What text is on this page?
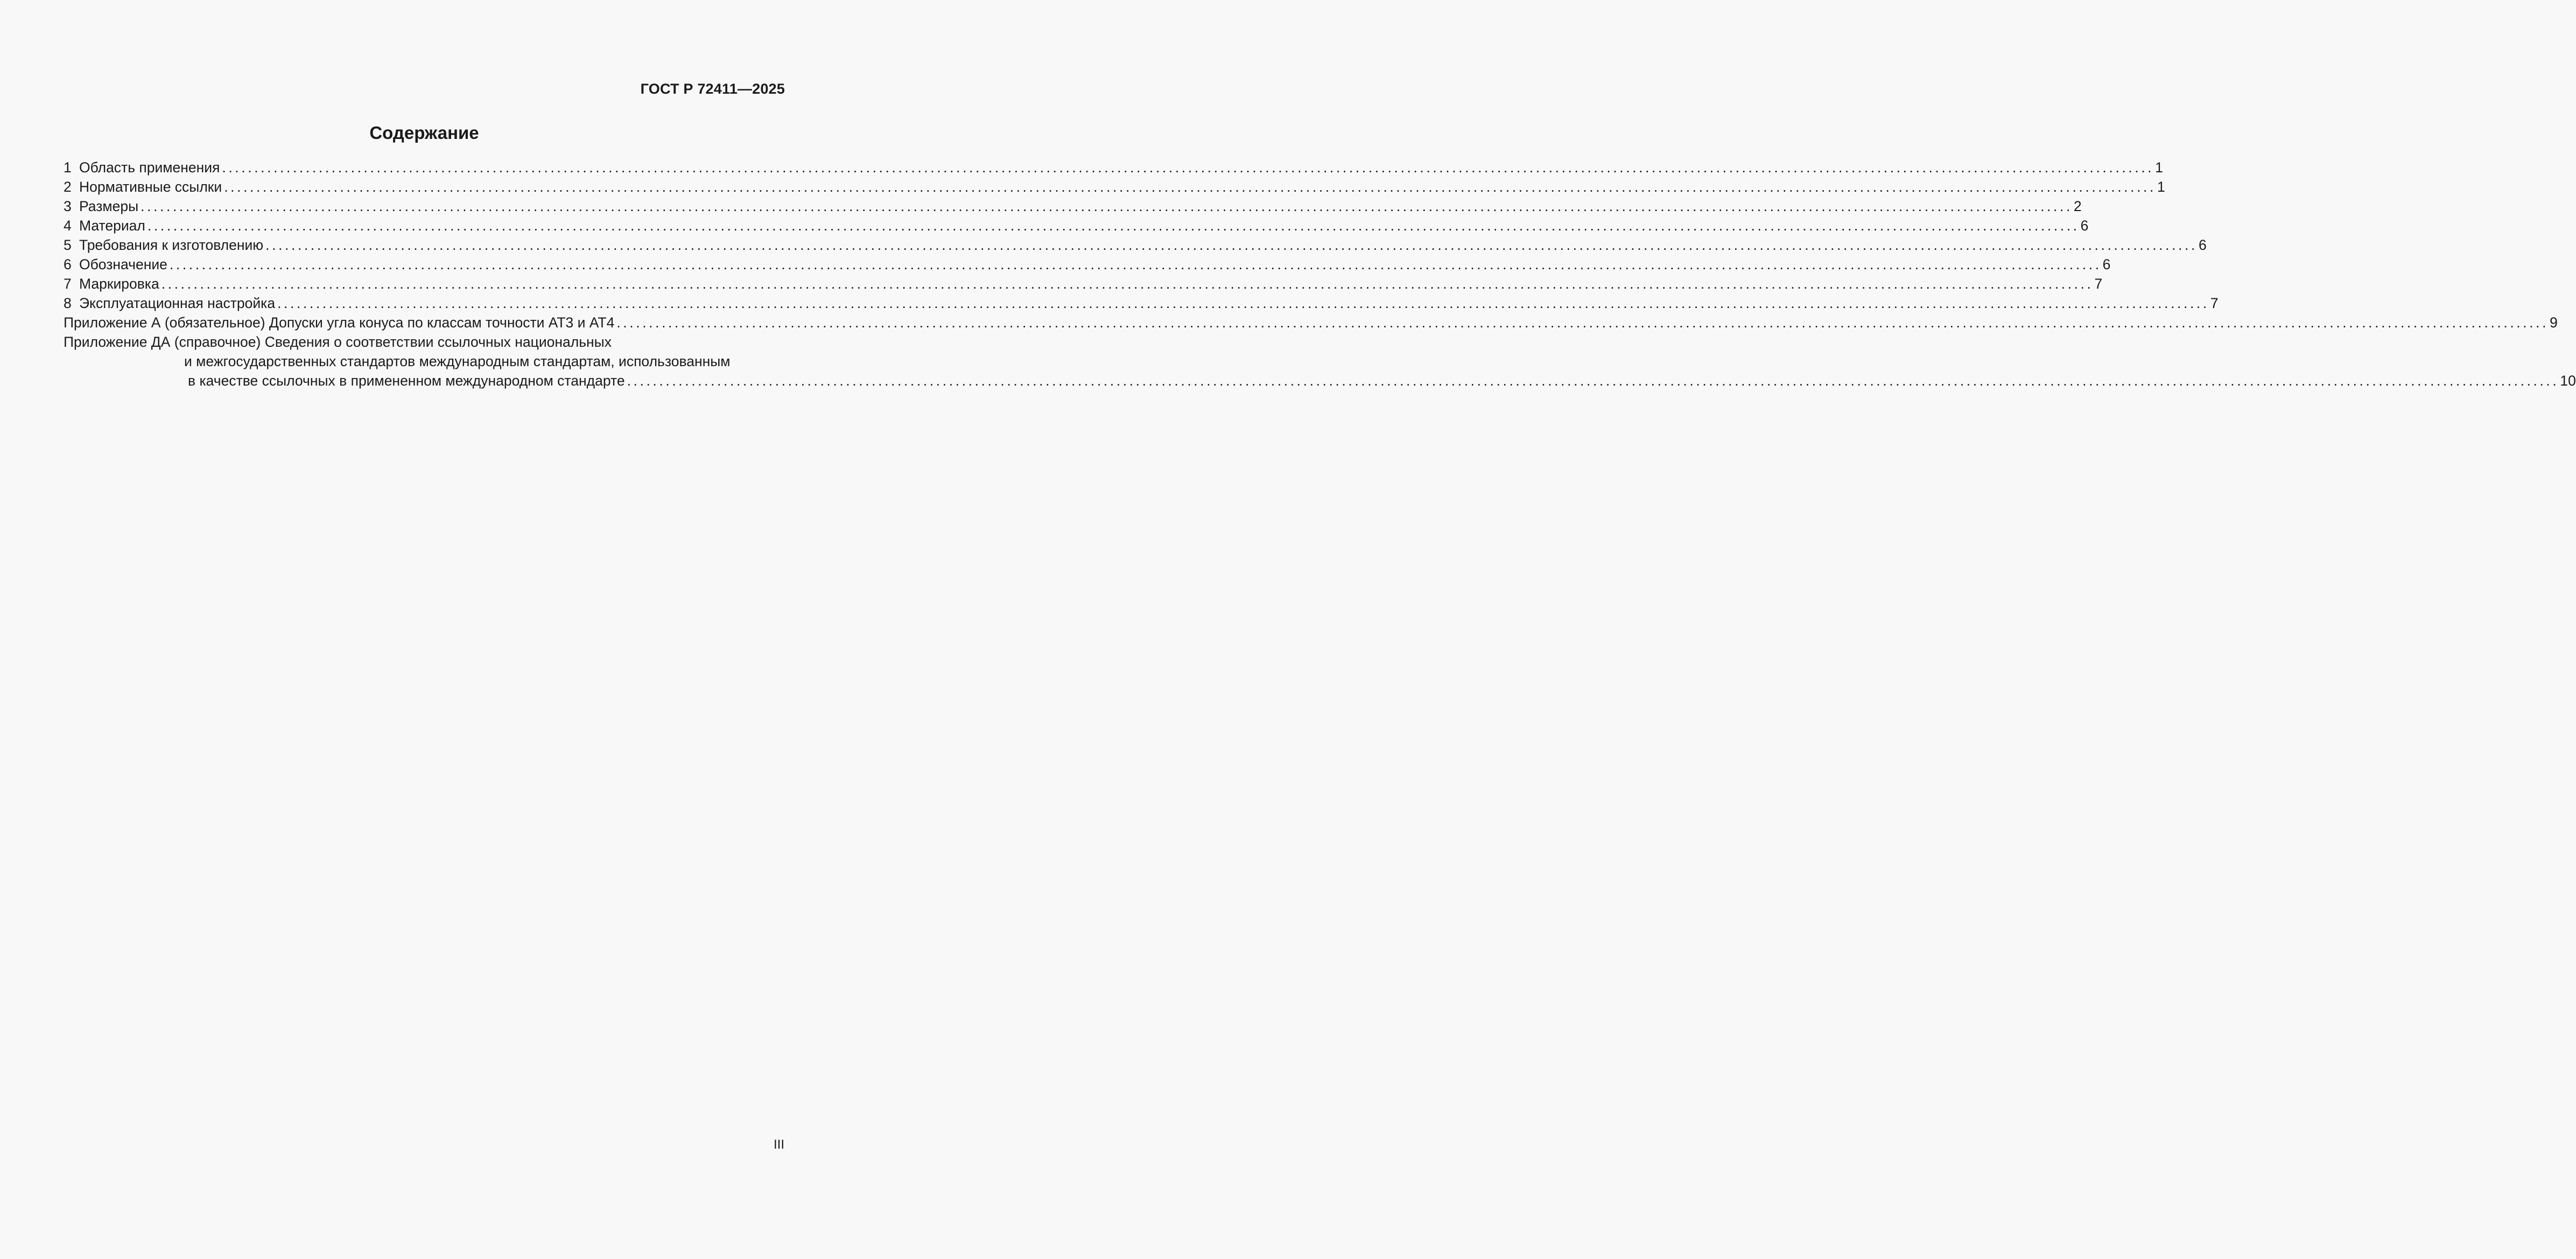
ГОСТ Р 72411—2025
Содержание
1 Область применения ............................................................................................................................................................................................................................................................................................................ 1
2 Нормативные ссылки ............................................................................................................................................................................................................................................................................................................ 1
3 Размеры ............................................................................................................................................................................................................................................................................................................ 2
4 Материал ............................................................................................................................................................................................................................................................................................................ 6
5 Требования к изготовлению ............................................................................................................................................................................................................................................................................................................ 6
6 Обозначение ............................................................................................................................................................................................................................................................................................................ 6
7 Маркировка ............................................................................................................................................................................................................................................................................................................ 7
8 Эксплуатационная настройка ............................................................................................................................................................................................................................................................................................................ 7
Приложение А (обязательное) Допуски угла конуса по классам точности АТ3 и АТ4 ............................................................................................................................................................................................................................................................................................................ 9
Приложение ДА (справочное) Сведения о соответствии ссылочных национальных
и межгосударственных стандартов международным стандартам, использованным
в качестве ссылочных в примененном международном стандарте ............................................................................................................................................................................................................................................................................................................ 10
III
